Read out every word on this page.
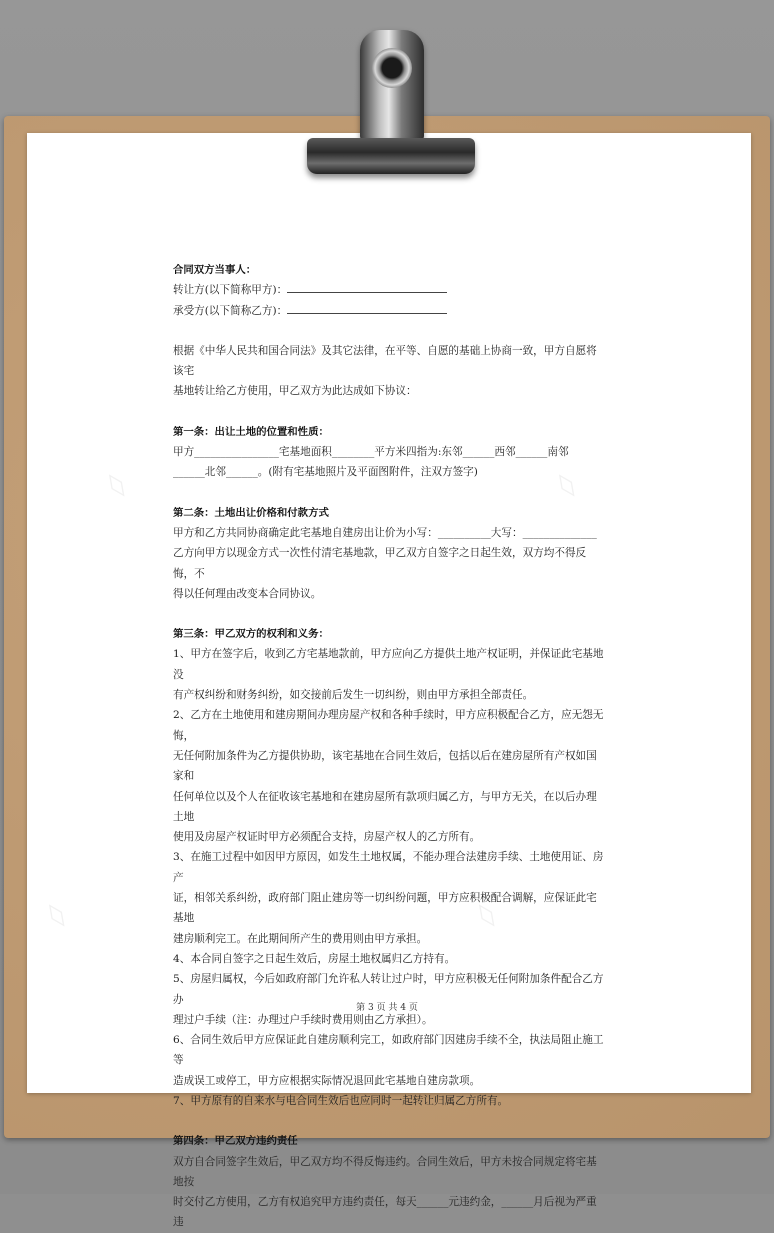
◊	◊
◊	◊

合同双方当事人：

转让方(以下简称甲方)：

承受方(以下简称乙方)：

根据《中华人民共和国合同法》及其它法律，在平等、自愿的基础上协商一致，甲方自愿将该宅

基地转让给乙方使用，甲乙双方为此达成如下协议：

第一条：出让土地的位置和性质：

甲方________________宅基地面积________平方米四指为:东邻______西邻______南邻

______北邻______。(附有宅基地照片及平面图附件，注双方签字)

第二条：土地出让价格和付款方式

甲方和乙方共同协商确定此宅基地自建房出让价为小写：__________大写：______________

乙方向甲方以现金方式一次性付清宅基地款，甲乙双方自签字之日起生效，双方均不得反悔，不

得以任何理由改变本合同协议。

第三条：甲乙双方的权利和义务：

1、甲方在签字后，收到乙方宅基地款前，甲方应向乙方提供土地产权证明，并保证此宅基地没

有产权纠纷和财务纠纷，如交接前后发生一切纠纷，则由甲方承担全部责任。

2、乙方在土地使用和建房期间办理房屋产权和各种手续时，甲方应积极配合乙方，应无怨无悔，

无任何附加条件为乙方提供协助，该宅基地在合同生效后，包括以后在建房屋所有产权如国家和

任何单位以及个人在征收该宅基地和在建房屋所有款项归属乙方，与甲方无关，在以后办理土地

使用及房屋产权证时甲方必须配合支持，房屋产权人的乙方所有。

3、在施工过程中如因甲方原因，如发生土地权属，不能办理合法建房手续、土地使用证、房产

证，相邻关系纠纷，政府部门阻止建房等一切纠纷问题，甲方应积极配合调解，应保证此宅基地

建房顺利完工。在此期间所产生的费用则由甲方承担。

4、本合同自签字之日起生效后，房屋土地权属归乙方持有。

5、房屋归属权，今后如政府部门允许私人转让过户时，甲方应积极无任何附加条件配合乙方办

理过户手续（注：办理过户手续时费用则由乙方承担）。

6、合同生效后甲方应保证此自建房顺利完工，如政府部门因建房手续不全，执法局阻止施工等

造成误工或停工，甲方应根据实际情况退回此宅基地自建房款项。

7、甲方原有的自来水与电合同生效后也应同时一起转让归属乙方所有。

第四条：甲乙双方违约责任

双方自合同签字生效后，甲乙双方均不得反悔违约。合同生效后，甲方未按合同规定将宅基地按

时交付乙方使用，乙方有权追究甲方违约责任，每天______元违约金，______月后视为严重违

第 3 页 共 4 页
